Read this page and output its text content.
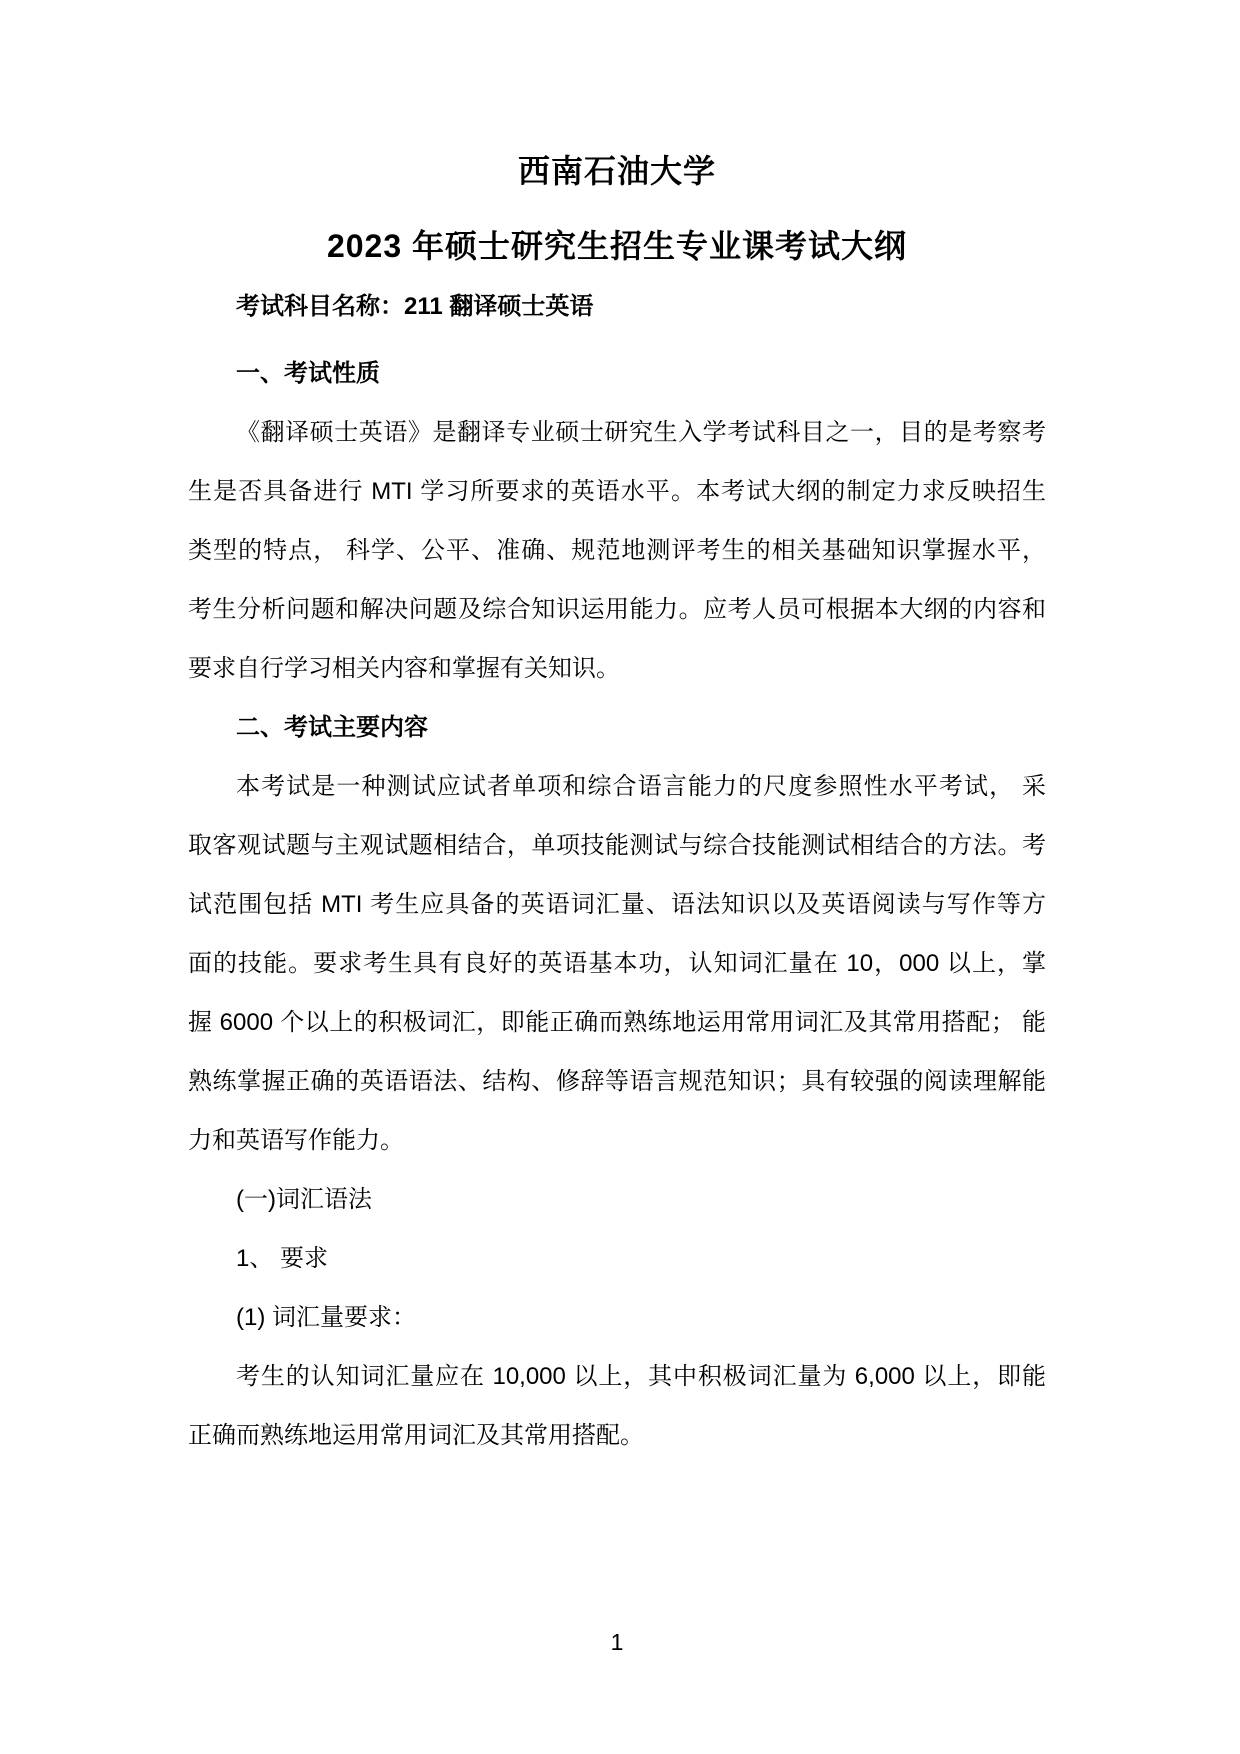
西南石油大学
2023 年硕士研究生招生专业课考试大纲
考试科目名称：211 翻译硕士英语
一、考试性质
《翻译硕士英语》是翻译专业硕士研究生入学考试科目之一，目的是考察考
生是否具备进行 MTI 学习所要求的英语水平。本考试大纲的制定力求反映招生
类型的特点， 科学、公平、准确、规范地测评考生的相关基础知识掌握水平，
考生分析问题和解决问题及综合知识运用能力。应考人员可根据本大纲的内容和
要求自行学习相关内容和掌握有关知识。
二、考试主要内容
本考试是一种测试应试者单项和综合语言能力的尺度参照性水平考试， 采
取客观试题与主观试题相结合，单项技能测试与综合技能测试相结合的方法。考
试范围包括 MTI 考生应具备的英语词汇量、语法知识以及英语阅读与写作等方
面的技能。要求考生具有良好的英语基本功，认知词汇量在 10，000 以上，掌
握 6000 个以上的积极词汇，即能正确而熟练地运用常用词汇及其常用搭配； 能
熟练掌握正确的英语语法、结构、修辞等语言规范知识；具有较强的阅读理解能
力和英语写作能力。
(一)词汇语法
1、 要求
(1) 词汇量要求：
考生的认知词汇量应在 10,000 以上，其中积极词汇量为 6,000 以上，即能
正确而熟练地运用常用词汇及其常用搭配。
1
